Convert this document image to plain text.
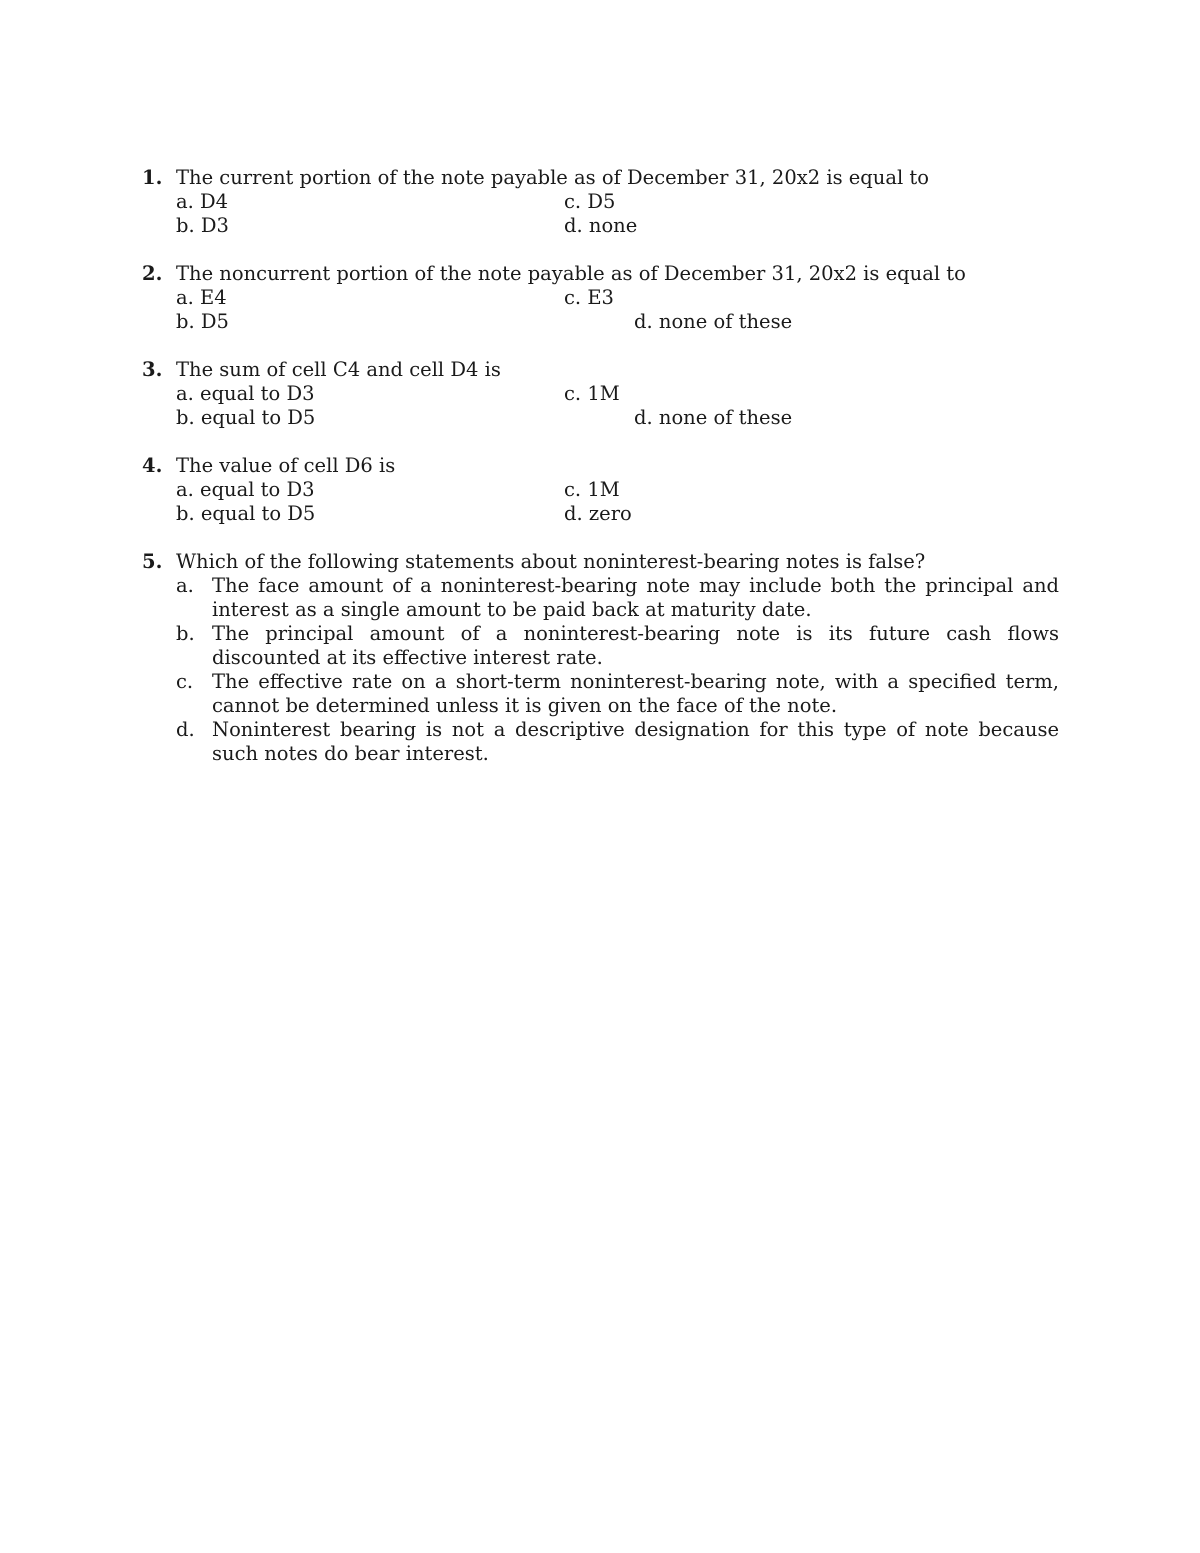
1. The current portion of the note payable as of December 31, 20x2 is equal to
a. D4	c. D5
b. D3	d. none
2. The noncurrent portion of the note payable as of December 31, 20x2 is equal to
a. E4	c. E3
b. D5	d. none of these
3. The sum of cell C4 and cell D4 is
a. equal to D3	c. 1M
b. equal to D5	d. none of these
4. The value of cell D6 is
a. equal to D3	c. 1M
b. equal to D5	d. zero
5. Which of the following statements about noninterest-bearing notes is false?
a. The face amount of a noninterest-bearing note may include both the principal and interest as a single amount to be paid back at maturity date.
b. The principal amount of a noninterest-bearing note is its future cash flows discounted at its effective interest rate.
c. The effective rate on a short-term noninterest-bearing note, with a specified term, cannot be determined unless it is given on the face of the note.
d. Noninterest bearing is not a descriptive designation for this type of note because such notes do bear interest.
